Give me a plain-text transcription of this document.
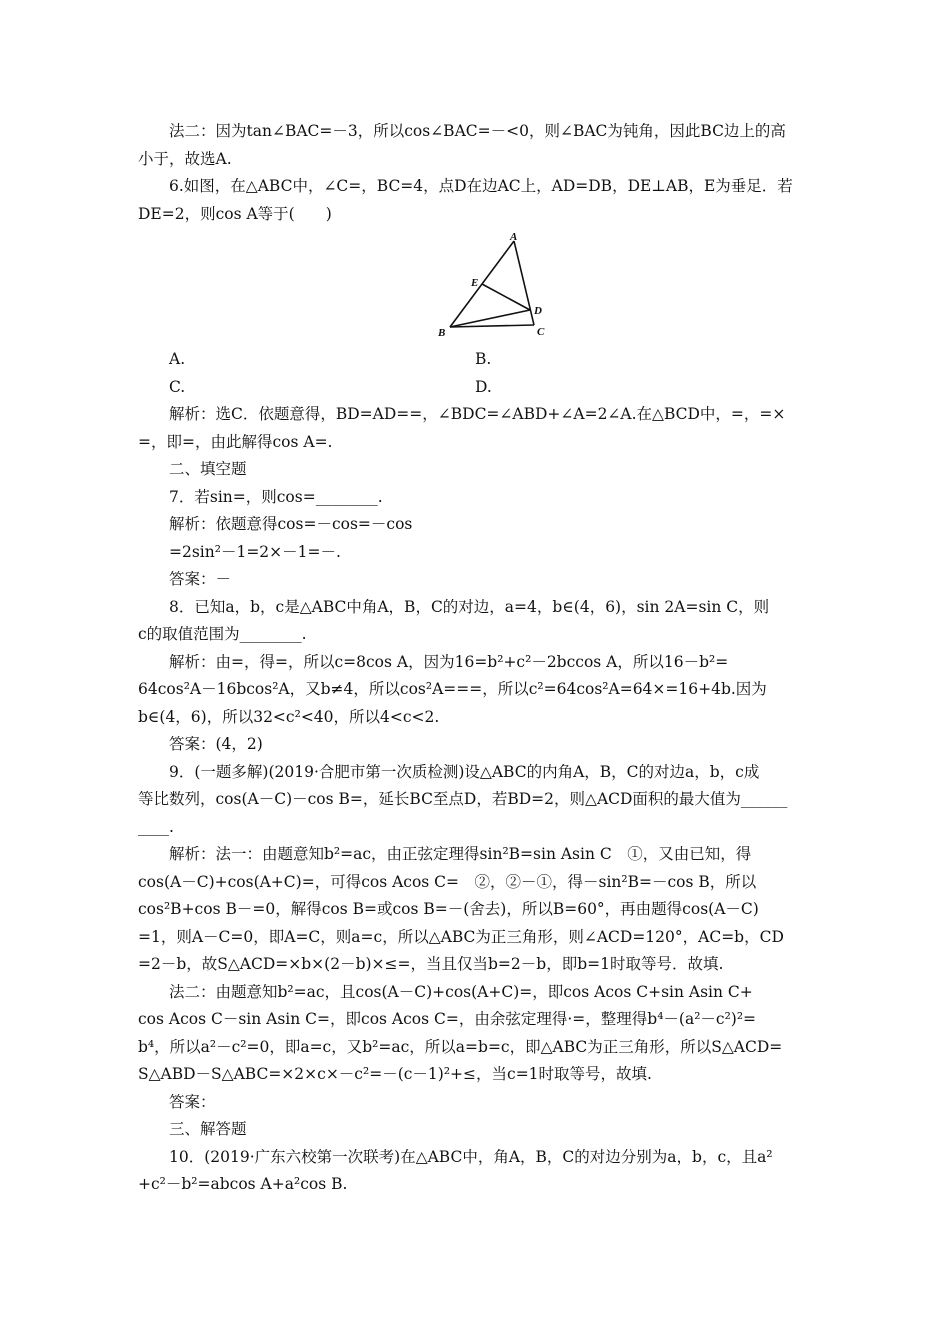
法二：因为tan∠BAC=－3，所以cos∠BAC=－<0，则∠BAC为钝角，因此BC边上的高

小于，故选A.

6.如图，在△ABC中，∠C=，BC=4，点D在边AC上，AD=DB，DE⊥AB，E为垂足．若

DE=2，则cos A等于(　　)

A
B	C
D
E
A.	B.
C.	D.

解析：选C．依题意得，BD=AD==，∠BDC=∠ABD+∠A=2∠A.在△BCD中，=，=×

=，即=，由此解得cos A=.

二、填空题

7．若sin=，则cos=________.

解析：依题意得cos=－cos=－cos

=2sin²－1=2×－1=－.

答案：－

8．已知a，b，c是△ABC中角A，B，C的对边，a=4，b∈(4，6)，sin 2A=sin C，则

c的取值范围为________.

解析：由=，得=，所以c=8cos A，因为16=b²+c²－2bccos A，所以16－b²=

64cos²A－16bcos²A，又b≠4，所以cos²A===，所以c²=64cos²A=64×=16+4b.因为

b∈(4，6)，所以32<c²<40，所以4<c<2.

答案：(4，2)

9．(一题多解)(2019·合肥市第一次质检测)设△ABC的内角A，B，C的对边a，b，c成

等比数列，cos(A－C)－cos B=，延长BC至点D，若BD=2，则△ACD面积的最大值为______

____.

解析：法一：由题意知b²=ac，由正弦定理得sin²B=sin Asin C　①，又由已知，得

cos(A－C)+cos(A+C)=，可得cos Acos C=　②，②－①，得－sin²B=－cos B，所以

cos²B+cos B－=0，解得cos B=或cos B=－(舍去)，所以B=60°，再由题得cos(A－C)

=1，则A－C=0，即A=C，则a=c，所以△ABC为正三角形，则∠ACD=120°，AC=b，CD

=2－b，故S△ACD=×b×(2－b)×≤=，当且仅当b=2－b，即b=1时取等号．故填.

法二：由题意知b²=ac，且cos(A－C)+cos(A+C)=，即cos Acos C+sin Asin C+

cos Acos C－sin Asin C=，即cos Acos C=，由余弦定理得·=，整理得b⁴－(a²－c²)²=

b⁴，所以a²－c²=0，即a=c，又b²=ac，所以a=b=c，即△ABC为正三角形，所以S△ACD=

S△ABD－S△ABC=×2×c×－c²=－(c－1)²+≤，当c=1时取等号，故填.

答案：

三、解答题

10．(2019·广东六校第一次联考)在△ABC中，角A，B，C的对边分别为a，b，c，且a²

+c²－b²=abcos A+a²cos B.
